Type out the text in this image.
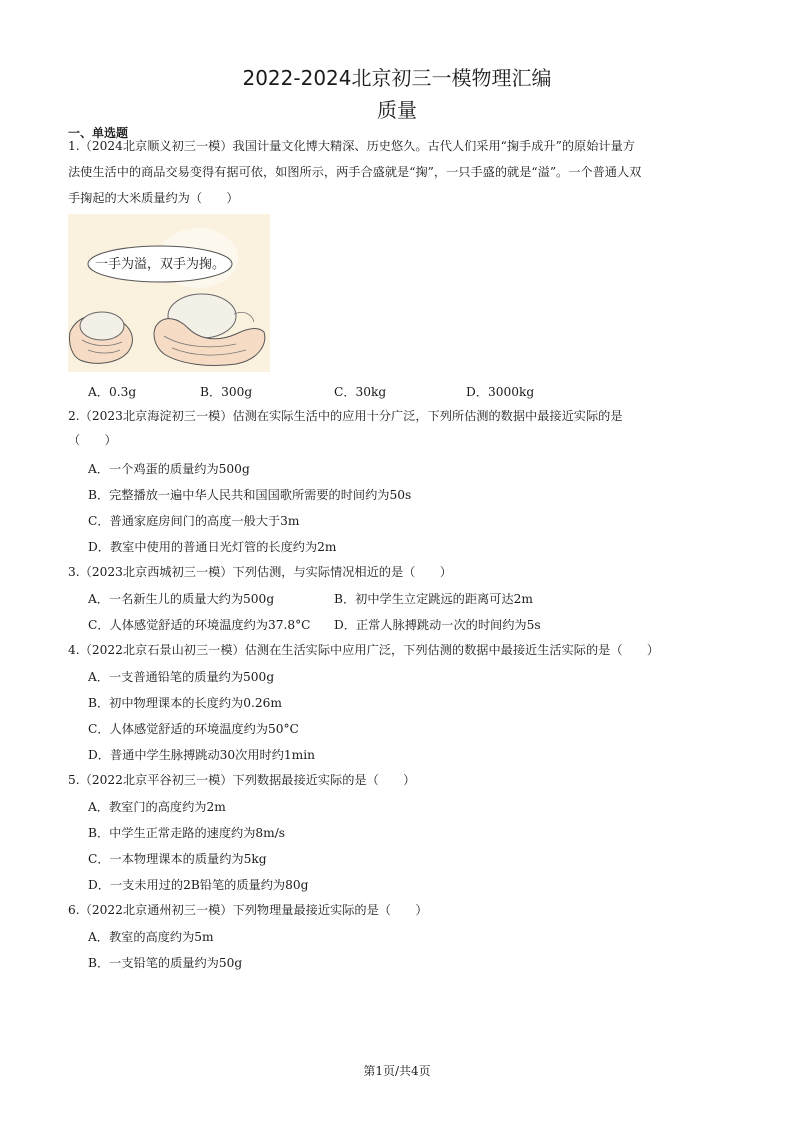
2022-2024北京初三一模物理汇编
质量
一、单选题
1.（2024北京顺义初三一模）我国计量文化博大精深、历史悠久。古代人们采用“掬手成升”的原始计量方
法使生活中的商品交易变得有据可依，如图所示，两手合盛就是“掬”，一只手盛的就是“溢”。一个普通人双
手掬起的大米质量约为（　　）
一手为溢，双手为掬。
A．0.3g	B．300g	C．30kg	D．3000kg
2.（2023北京海淀初三一模）估测在实际生活中的应用十分广泛，下列所估测的数据中最接近实际的是
（　　）
A．一个鸡蛋的质量约为500g
B．完整播放一遍中华人民共和国国歌所需要的时间约为50s
C．普通家庭房间门的高度一般大于3m
D．教室中使用的普通日光灯管的长度约为2m
3.（2023北京西城初三一模）下列估测，与实际情况相近的是（　　）
A．一名新生儿的质量大约为500g	B．初中学生立定跳远的距离可达2m
C．人体感觉舒适的环境温度约为37.8°C D．正常人脉搏跳动一次的时间约为5s
4.（2022北京石景山初三一模）估测在生活实际中应用广泛，下列估测的数据中最接近生活实际的是（　　）
A．一支普通铅笔的质量约为500g
B．初中物理课本的长度约为0.26m
C．人体感觉舒适的环境温度约为50°C
D．普通中学生脉搏跳动30次用时约1min
5.（2022北京平谷初三一模）下列数据最接近实际的是（　　）
A．教室门的高度约为2m
B．中学生正常走路的速度约为8m/s
C．一本物理课本的质量约为5kg
D．一支未用过的2B铅笔的质量约为80g
6.（2022北京通州初三一模）下列物理量最接近实际的是（　　）
A．教室的高度约为5m
B．一支铅笔的质量约为50g
第1页/共4页
